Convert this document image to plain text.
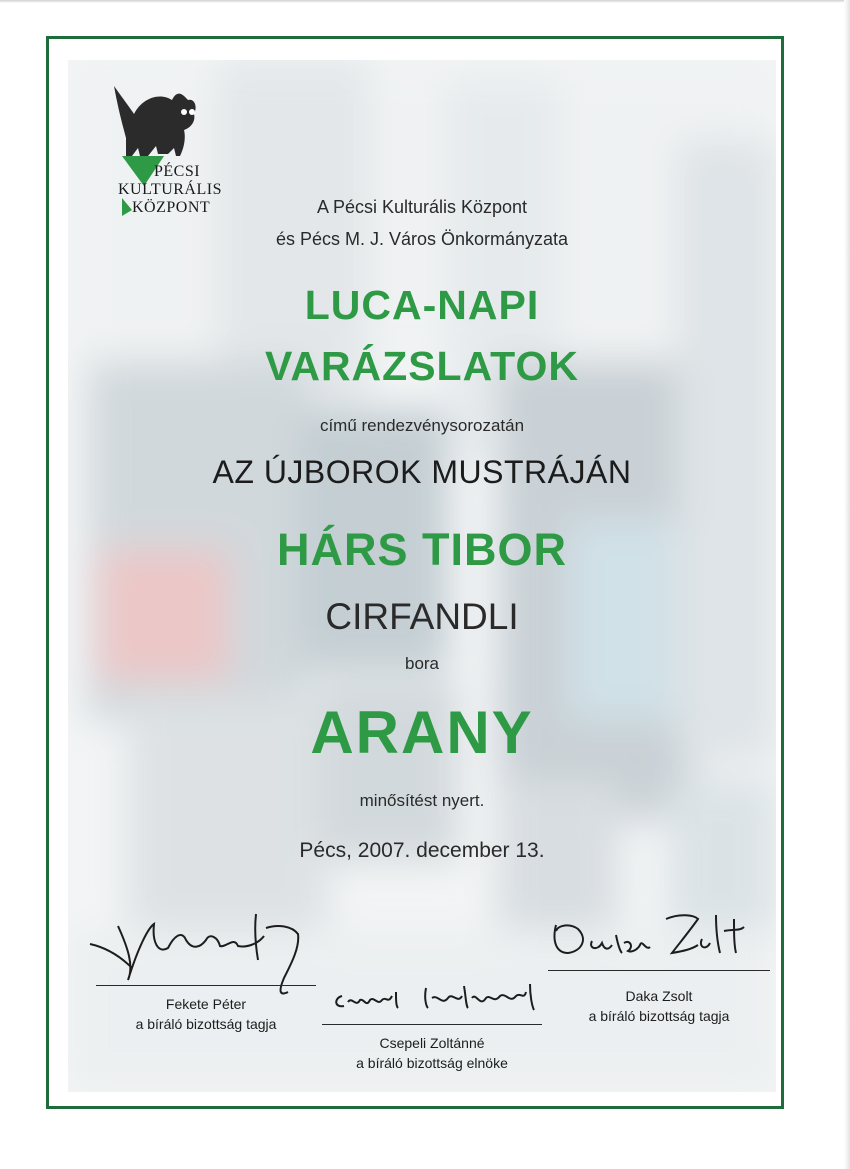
PÉCSI
KULTURÁLIS
KÖZPONT	A Pécsi Kulturális Központ
és Pécs M. J. Város Önkormányzata
LUCA-NAPI
VARÁZSLATOK
című rendezvénysorozatán
AZ ÚJBOROK MUSTRÁJÁN
HÁRS TIBOR
CIRFANDLI
bora
ARANY
minősítést nyert.
Pécs, 2007. december 13.
Fekete Péter
a bíráló bizottság tagja
Csepeli Zoltánné
a bíráló bizottság elnöke
Daka Zsolt
a bíráló bizottság tagja
